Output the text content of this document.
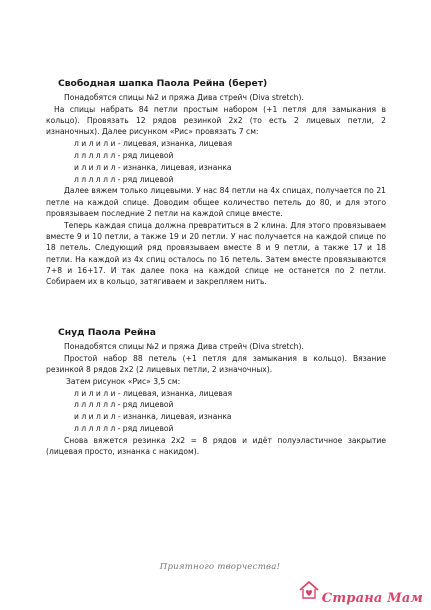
Свободная шапка Паола Рейна (берет)

Понадобятся спицы №2 и пряжа Дива стрейч (Diva stretch).

На спицы набрать 84 петли простым набором (+1 петля для замыкания в кольцо). Провязать 12 рядов резинкой 2х2 (то есть 2 лицевых петли, 2 изнаночных). Далее рисунком «Рис» провязать 7 см:

л и л и л и - лицевая, изнанка, лицевая
л л л л л л - ряд лицевой
и л и л и л - изнанка, лицевая, изнанка
л л л л л л - ряд лицевой

Далее вяжем только лицевыми. У нас 84 петли на 4х спицах, получается по 21 петле на каждой спице. Доводим общее количество петель до 80, и для этого провязываем последние 2 петли на каждой спице вместе.

Теперь каждая спица должна превратиться в 2 клина. Для этого провязываем вместе 9 и 10 петли, а также 19 и 20 петли. У нас получается на каждой спице по 18 петель. Следующий ряд провязываем вместе 8 и 9 петли, а также 17 и 18 петли. На каждой из 4х спиц осталось по 16 петель. Затем вместе провязываются 7+8 и 16+17. И так далее пока на каждой спице не останется по 2 петли. Собираем их в кольцо, затягиваем и закрепляем нить.

Снуд Паола Рейна

Понадобятся спицы №2 и пряжа Дива стрейч (Diva stretch).

Простой набор 88 петель (+1 петля для замыкания в кольцо). Вязание резинкой 8 рядов 2х2 (2 лицевых петли, 2 изначочных).

Затем рисунок «Рис» 3,5 см:
л и л и л и - лицевая, изнанка, лицевая
л л л л л л - ряд лицевой
и л и л и л - изнанка, лицевая, изнанка
л л л л л л - ряд лицевой

Снова вяжется резинка 2х2 = 8 рядов и идёт полуэластичное закрытие (лицевая просто, изнанка с накидом).

Приятного творчества!
Страна Мам
